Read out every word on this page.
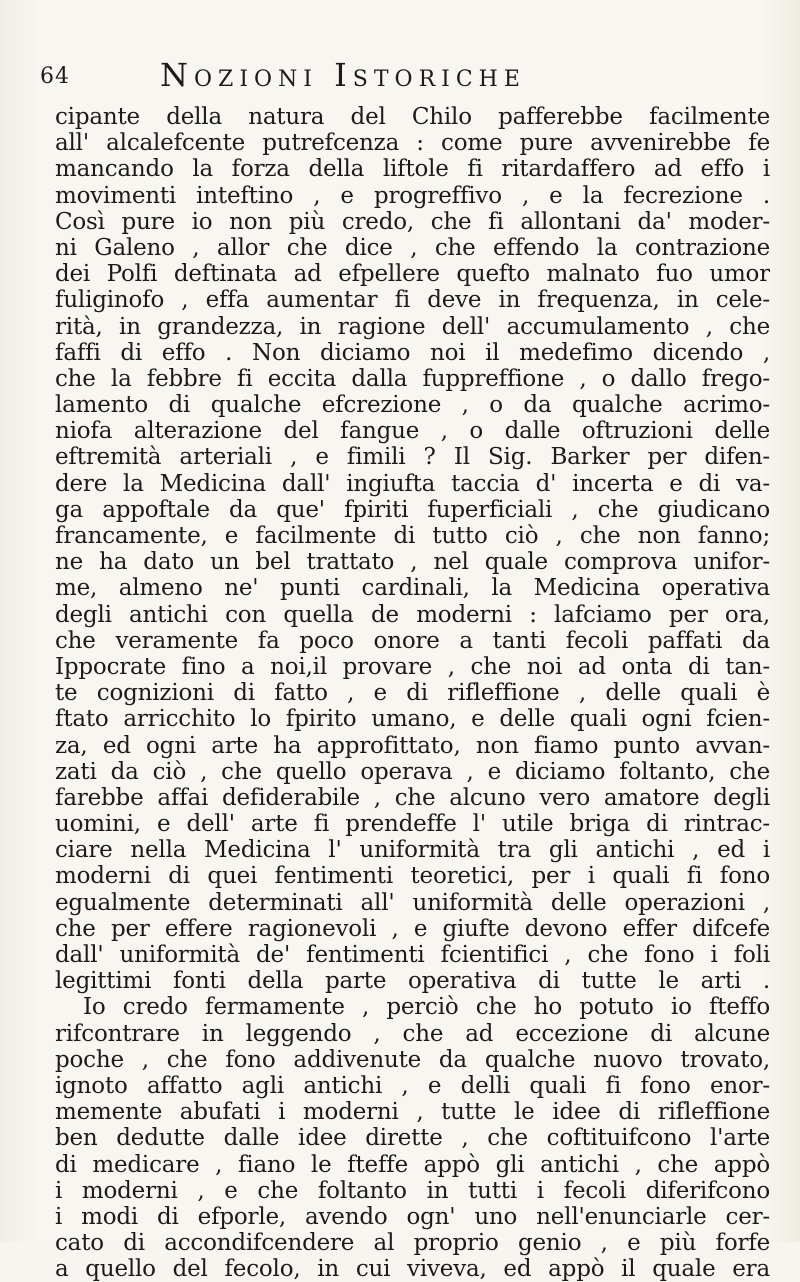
64	Nozioni Istoriche
cipante della natura del Chilo pafferebbe facilmente
all' alcalefcente putrefcenza : come pure avvenirebbe fe
mancando la forza della liftole fi ritardaffero ad effo i
movimenti inteftino , e progreffivo , e la fecrezione .
Così pure io non più credo, che fi allontani da' moder-
ni Galeno , allor che dice , che effendo la contrazione
dei Polfi deftinata ad efpellere quefto malnato fuo umor
fuliginofo , effa aumentar fi deve in frequenza, in cele-
rità, in grandezza, in ragione dell' accumulamento , che
faffi di effo . Non diciamo noi il medefimo dicendo ,
che la febbre fi eccita dalla fuppreffione , o dallo frego-
lamento di qualche efcrezione , o da qualche acrimo-
niofa alterazione del fangue , o dalle oftruzioni delle
eftremità arteriali , e fimili ? Il Sig. Barker per difen-
dere la Medicina dall' ingiufta taccia d' incerta e di va-
ga appoftale da que' fpiriti fuperficiali , che giudicano
francamente, e facilmente di tutto ciò , che non fanno;
ne ha dato un bel trattato , nel quale comprova unifor-
me, almeno ne' punti cardinali, la Medicina operativa
degli antichi con quella de moderni : lafciamo per ora,
che veramente fa poco onore a tanti fecoli paffati da
Ippocrate fino a noi,il provare , che noi ad onta di tan-
te cognizioni di fatto , e di rifleffione , delle quali è
ftato arricchito lo fpirito umano, e delle quali ogni fcien-
za, ed ogni arte ha approfittato, non fiamo punto avvan-
zati da ciò , che quello operava , e diciamo foltanto, che
farebbe affai defiderabile , che alcuno vero amatore degli
uomini, e dell' arte fi prendeffe l' utile briga di rintrac-
ciare nella Medicina l' uniformità tra gli antichi , ed i
moderni di quei fentimenti teoretici, per i quali fi fono
egualmente determinati all' uniformità delle operazioni ,
che per effere ragionevoli , e giufte devono effer difcefe
dall' uniformità de' fentimenti fcientifici , che fono i foli
legittimi fonti della parte operativa di tutte le arti .
Io credo fermamente , perciò che ho potuto io fteffo
rifcontrare in leggendo , che ad eccezione di alcune
poche , che fono addivenute da qualche nuovo trovato,
ignoto affatto agli antichi , e delli quali fi fono enor-
memente abufati i moderni , tutte le idee di rifleffione
ben dedutte dalle idee dirette , che coftituifcono l'arte
di medicare , fiano le fteffe appò gli antichi , che appò
i moderni , e che foltanto in tutti i fecoli diferifcono
i modi di efporle, avendo ogn' uno nell'enunciarle cer-
cato di accondifcendere al proprio genio , e più forfe
a quello del fecolo, in cui viveva, ed appò il quale era
